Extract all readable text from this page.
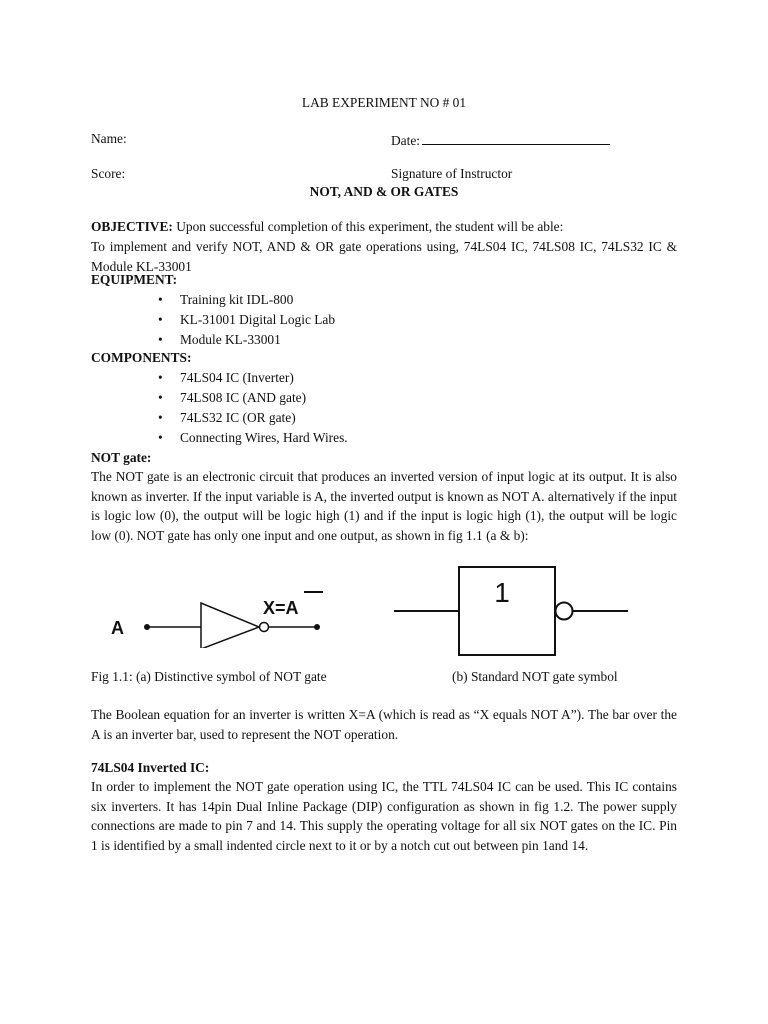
LAB EXPERIMENT NO # 01
Name:	Date:
Score:	Signature of Instructor
NOT, AND & OR GATES
OBJECTIVE: Upon successful completion of this experiment, the student will be able:
To implement and verify NOT, AND & OR gate operations using, 74LS04 IC, 74LS08 IC, 74LS32 IC & Module KL-33001
EQUIPMENT:
• Training kit IDL-800
• KL-31001 Digital Logic Lab
• Module KL-33001
COMPONENTS:
• 74LS04 IC (Inverter)
• 74LS08 IC (AND gate)
• 74LS32 IC (OR gate)
• Connecting Wires, Hard Wires.
NOT gate:
The NOT gate is an electronic circuit that produces an inverted version of input logic at its output. It is also known as inverter. If the input variable is A, the inverted output is known as NOT A. alternatively if the input is logic low (0), the output will be logic high (1) and if the input is logic high (1), the output will be logic low (0). NOT gate has only one input and one output, as shown in fig 1.1 (a & b):
A
X=A	1
Fig 1.1: (a) Distinctive symbol of NOT gate	(b) Standard NOT gate symbol
The Boolean equation for an inverter is written X=A (which is read as “X equals NOT A”). The bar over the A is an inverter bar, used to represent the NOT operation.
74LS04 Inverted IC:
In order to implement the NOT gate operation using IC, the TTL 74LS04 IC can be used. This IC contains six inverters. It has 14pin Dual Inline Package (DIP) configuration as shown in fig 1.2. The power supply connections are made to pin 7 and 14. This supply the operating voltage for all six NOT gates on the IC. Pin 1 is identified by a small indented circle next to it or by a notch cut out between pin 1and 14.
